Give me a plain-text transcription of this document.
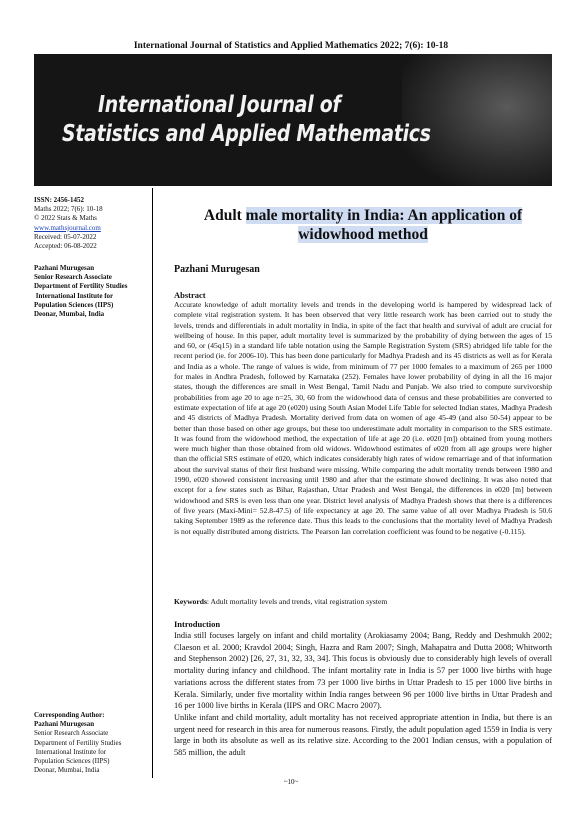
International Journal of Statistics and Applied Mathematics 2022; 7(6): 10-18
International Journal of
Statistics and Applied Mathematics
ISSN: 2456-1452
Maths 2022; 7(6): 10-18
© 2022 Stats & Maths
www.mathsjournal.com
Received: 05-07-2022
Accepted: 06-08-2022
Pazhani Murugesan
Senior Research Associate
Department of Fertility Studies
International Institute for
Population Sciences (IIPS)
Deonar, Mumbai, India
Corresponding Author:
Pazhani Murugesan
Senior Research Associate
Department of Fertility Studies
International Institute for
Population Sciences (IIPS)
Deonar, Mumbai, India
Adult male mortality in India: An application of
widowhood method
Pazhani Murugesan
Abstract
Accurate knowledge of adult mortality levels and trends in the developing world is hampered by widespread lack of complete vital registration system. It has been observed that very little research work has been carried out to study the levels, trends and differentials in adult mortality in India, in spite of the fact that health and survival of adult are crucial for wellbeing of house. In this paper, adult mortality level is summarized by the probability of dying between the ages of 15 and 60, or (45q15) in a standard life table notation using the Sample Registration System (SRS) abridged life table for the recent period (ie. for 2006-10). This has been done particularly for Madhya Pradesh and its 45 districts as well as for Kerala and India as a whole. The range of values is wide, from minimum of 77 per 1000 females to a maximum of 265 per 1000 for males in Andhra Pradesh, followed by Karnataka (252). Females have lower probability of dying in all the 16 major states, though the differences are small in West Bengal, Tamil Nadu and Punjab. We also tried to compute survivorship probabilities from age 20 to age n=25, 30, 60 from the widowhood data of census and these probabilities are converted to estimate expectation of life at age 20 (e020) using South Asian Model Life Table for selected Indian states, Madhya Pradesh and 45 districts of Madhya Pradesh. Mortality derived from data on women of age 45-49 (and also 50-54) appear to be better than those based on other age groups, but these too underestimate adult mortality in comparison to the SRS estimate. It was found from the widowhood method, the expectation of life at age 20 (i.e. e020 [m]) obtained from young mothers were much higher than those obtained from old widows. Widowhood estimates of e020 from all age groups were higher than the official SRS estimate of e020, which indicates considerably high rates of widow remarriage and of that information about the survival status of their first husband were missing. While comparing the adult mortality trends between 1980 and 1990, e020 showed consistent increasing until 1980 and after that the estimate showed declining. It was also noted that except for a few states such as Bihar, Rajasthan, Uttar Pradesh and West Bengal, the differences in e020 [m] between widowhood and SRS is even less than one year. District level analysis of Madhya Pradesh shows that there is a differences of five years (Maxi-Mini= 52.8-47.5) of life expectancy at age 20. The same value of all over Madhya Pradesh is 50.6 taking September 1989 as the reference date. Thus this leads to the conclusions that the mortality level of Madhya Pradesh is not equally distributed among districts. The Pearson Ian correlation coefficient was found to be negative (-0.115).
Keywords: Adult mortality levels and trends, vital registration system
Introduction
India still focuses largely on infant and child mortality (Arokiasamy 2004; Bang, Reddy and Deshmukh 2002; Claeson et al. 2000; Kravdol 2004; Singh, Hazra and Ram 2007; Singh, Mahapatra and Dutta 2008; Whitworth and Stephenson 2002) [26, 27, 31, 32, 33, 34]. This focus is obviously due to considerably high levels of overall mortality during infancy and childhood. The infant mortality rate in India is 57 per 1000 live births with huge variations across the different states from 73 per 1000 live births in Uttar Pradesh to 15 per 1000 live births in Kerala. Similarly, under five mortality within India ranges between 96 per 1000 live births in Uttar Pradesh and 16 per 1000 live births in Kerala (IIPS and ORC Macro 2007).
Unlike infant and child mortality, adult mortality has not received appropriate attention in India, but there is an urgent need for research in this area for numerous reasons. Firstly, the adult population aged 1559 in India is very large in both its absolute as well as its relative size. According to the 2001 Indian census, with a population of 585 million, the adult
~10~
